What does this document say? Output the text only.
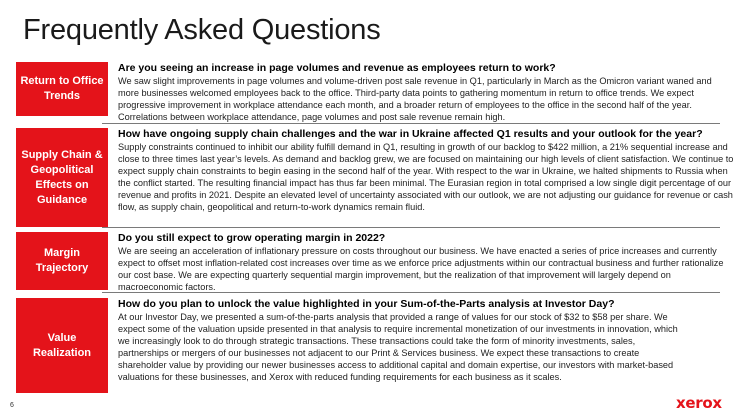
Frequently Asked Questions
Return to Office Trends

Are you seeing an increase in page volumes and revenue as employees return to work?

We saw slight improvements in page volumes and volume-driven post sale revenue in Q1, particularly in March as the Omicron variant waned and more businesses welcomed employees back to the office. Third-party data points to gathering momentum in return to office trends. We expect progressive improvement in workplace attendance each month, and a broader return of employees to the office in the second half of the year. Correlations between workplace attendance, page volumes and post sale revenue remain high.

Supply Chain & Geopolitical Effects on Guidance

How have ongoing supply chain challenges and the war in Ukraine affected Q1 results and your outlook for the year?

Supply constraints continued to inhibit our ability fulfill demand in Q1, resulting in growth of our backlog to $422 million, a 21% sequential increase and close to three times last year’s levels. As demand and backlog grew, we are focused on maintaining our high levels of client satisfaction. We continue to expect supply chain constraints to begin easing in the second half of the year. With respect to the war in Ukraine, we halted shipments to Russia when the conflict started. The resulting financial impact has thus far been minimal. The Eurasian region in total comprised a low single digit percentage of our revenue and profits in 2021. Despite an elevated level of uncertainty associated with our outlook, we are not adjusting our guidance for revenue or cash flow, as supply chain, geopolitical and return-to-work dynamics remain fluid.

Margin Trajectory

Do you still expect to grow operating margin in 2022?

We are seeing an acceleration of inflationary pressure on costs throughout our business. We have enacted a series of price increases and currently expect to offset most inflation-related cost increases over time as we enforce price adjustments within our contractual business and further rationalize our cost base. We are expecting quarterly sequential margin improvement, but the realization of that improvement will largely depend on macroeconomic factors.

Value Realization

How do you plan to unlock the value highlighted in your Sum-of-the-Parts analysis at Investor Day?

At our Investor Day, we presented a sum-of-the-parts analysis that provided a range of values for our stock of $32 to $58 per share. We expect some of the valuation upside presented in that analysis to require incremental monetization of our investments in innovation, which we increasingly look to do through strategic transactions. These transactions could take the form of minority investments, sales, partnerships or mergers of our businesses not adjacent to our Print & Services business. We expect these transactions to create shareholder value by providing our newer businesses access to additional capital and domain expertise, our investors with market-based valuations for these businesses, and Xerox with reduced funding requirements for each business as it scales.

6	xerox
